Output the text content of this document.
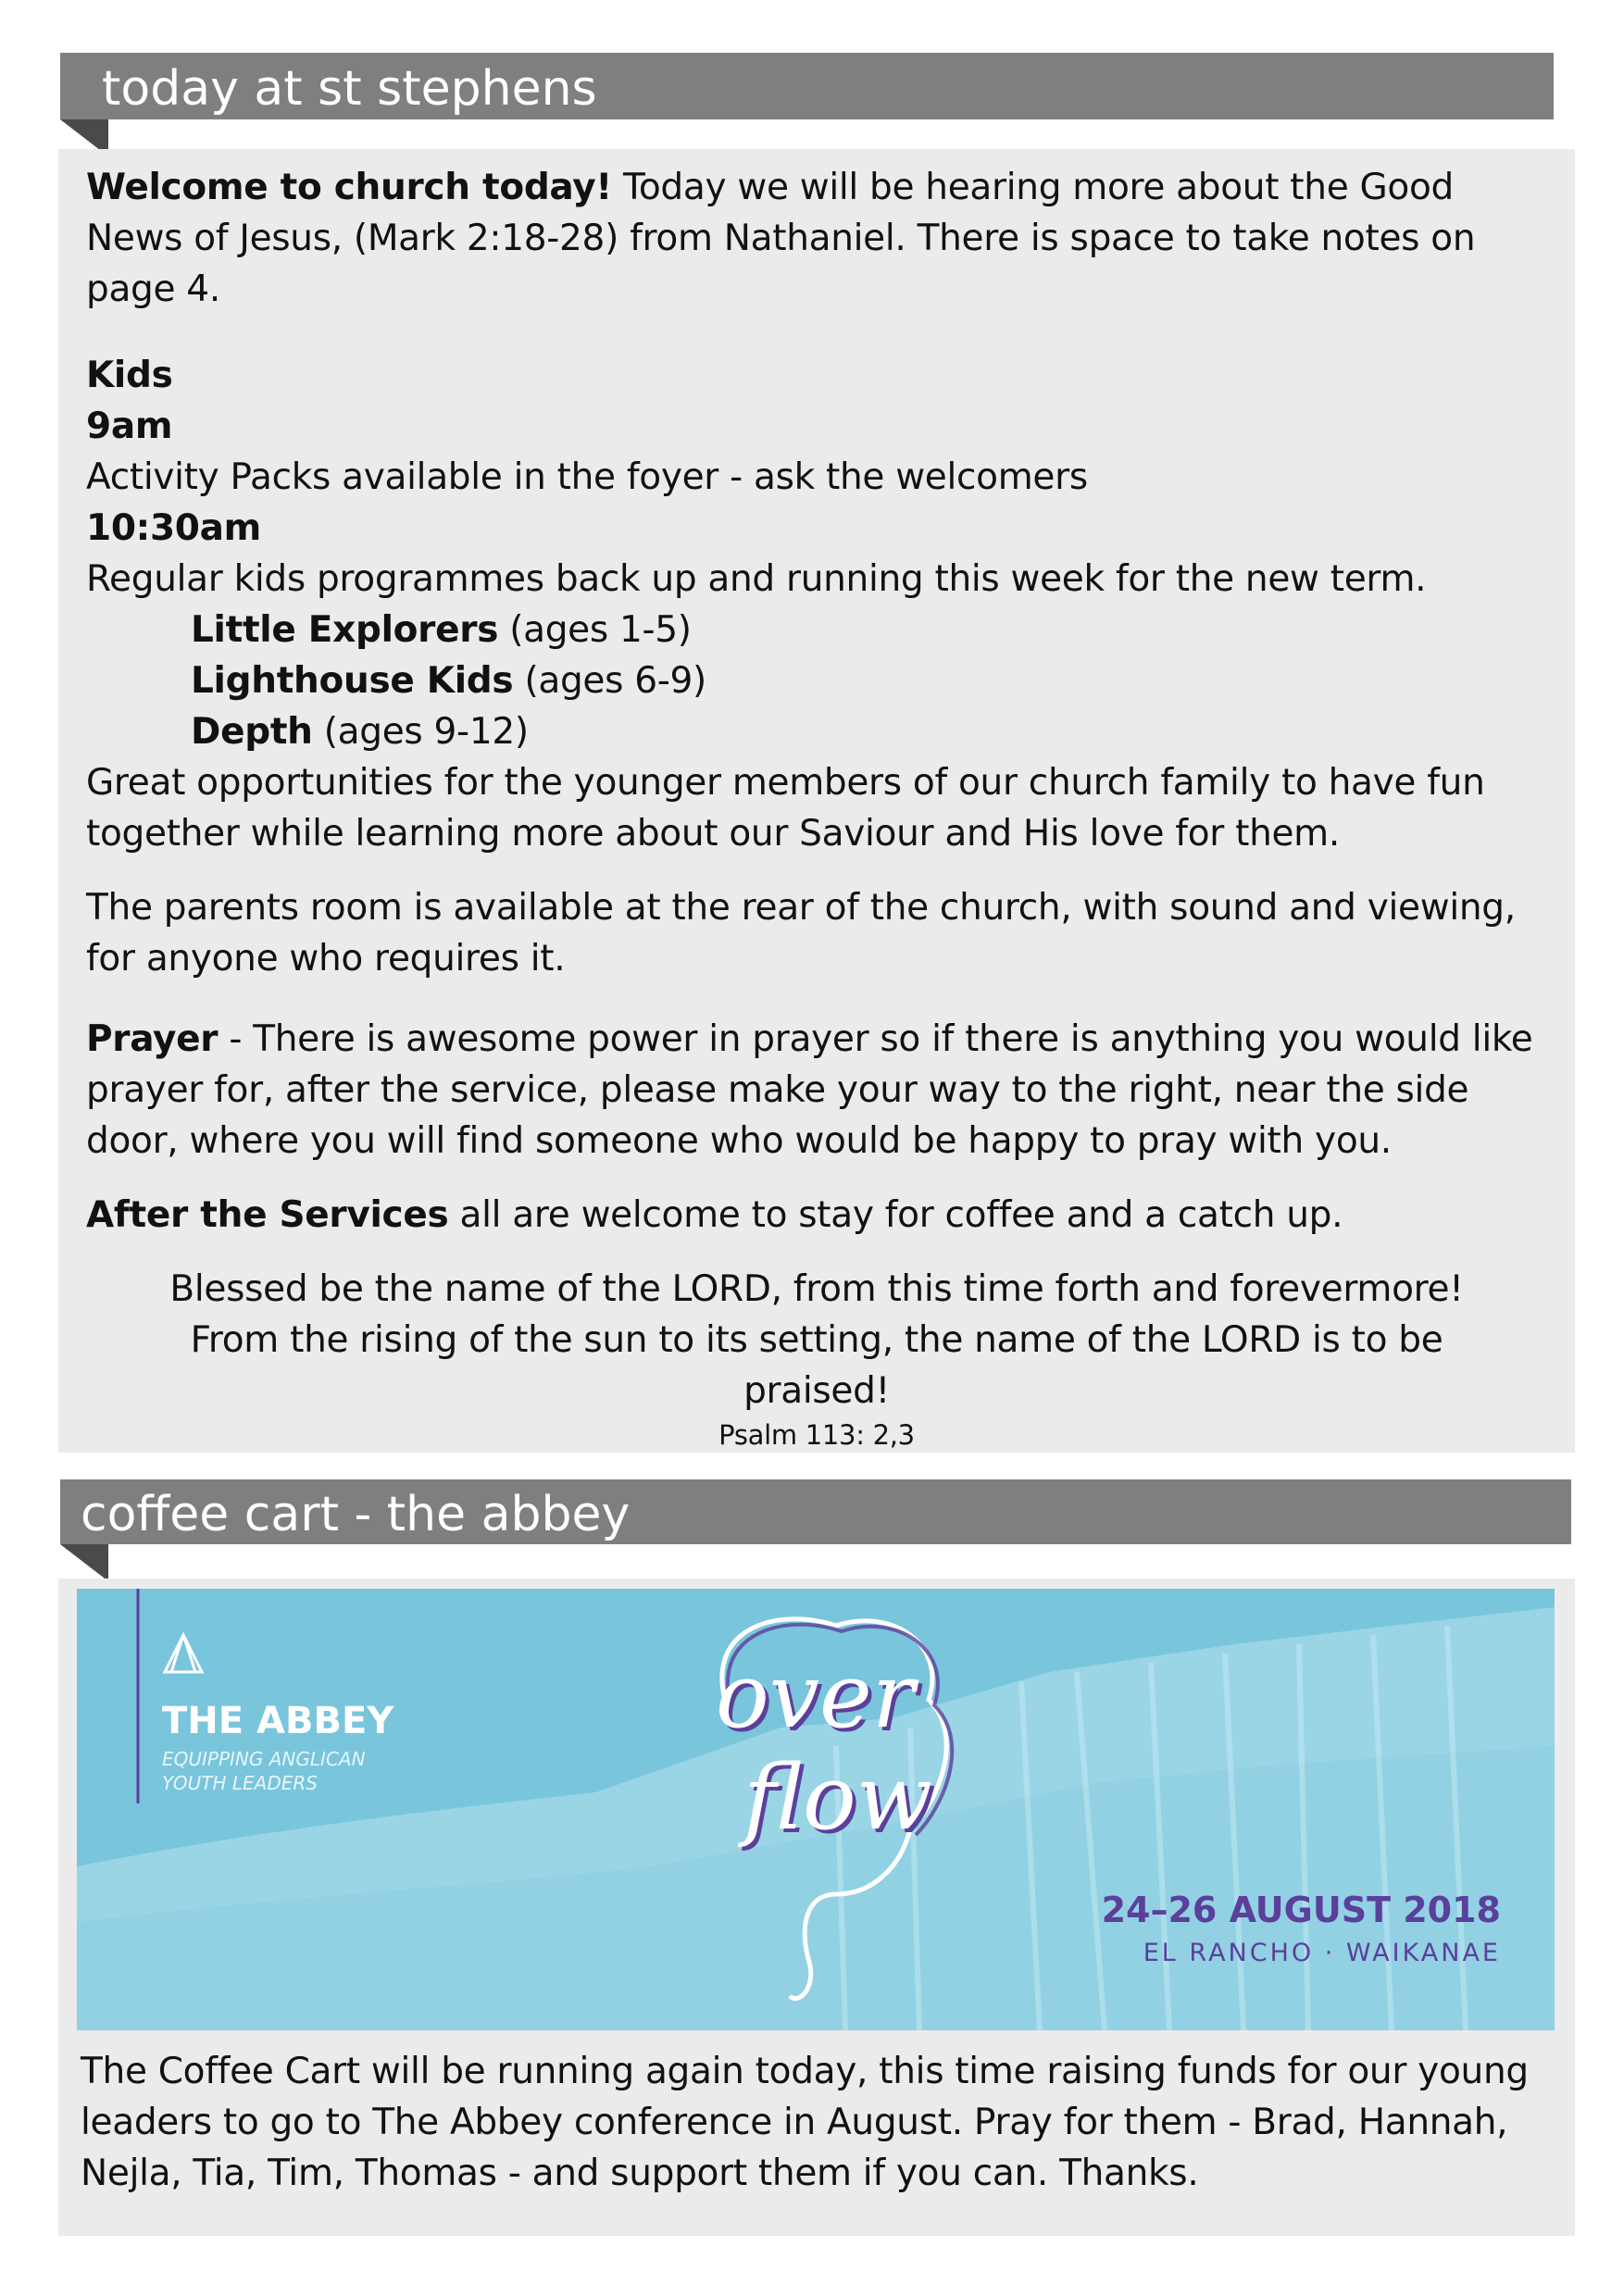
today at st stephens

Welcome to church today! Today we will be hearing more about the Good News of Jesus, (Mark 2:18-28) from Nathaniel. There is space to take notes on page 4.

Kids

9am

Activity Packs available in the foyer - ask the welcomers

10:30am

Regular kids programmes back up and running this week for the new term.

Little Explorers (ages 1-5)

Lighthouse Kids (ages 6-9)

Depth (ages 9-12)

Great opportunities for the younger members of our church family to have fun together while learning more about our Saviour and His love for them.

The parents room is available at the rear of the church, with sound and viewing, for anyone who requires it.

Prayer - There is awesome power in prayer so if there is anything you would like prayer for, after the service, please make your way to the right, near the side door, where you will find someone who would be happy to pray with you.

After the Services all are welcome to stay for coffee and a catch up.

Blessed be the name of the LORD, from this time forth and forevermore!

From the rising of the sun to its setting, the name of the LORD is to be praised!

Psalm 113: 2,3

coffee cart - the abbey
THE ABBEY
EQUIPPING ANGLICAN
YOUTH LEADERS
over
flow
24–26 AUGUST 2018
EL RANCHO · WAIKANAE

The Coffee Cart will be running again today, this time raising funds for our young leaders to go to The Abbey conference in August. Pray for them - Brad, Hannah, Nejla, Tia, Tim, Thomas - and support them if you can. Thanks.
